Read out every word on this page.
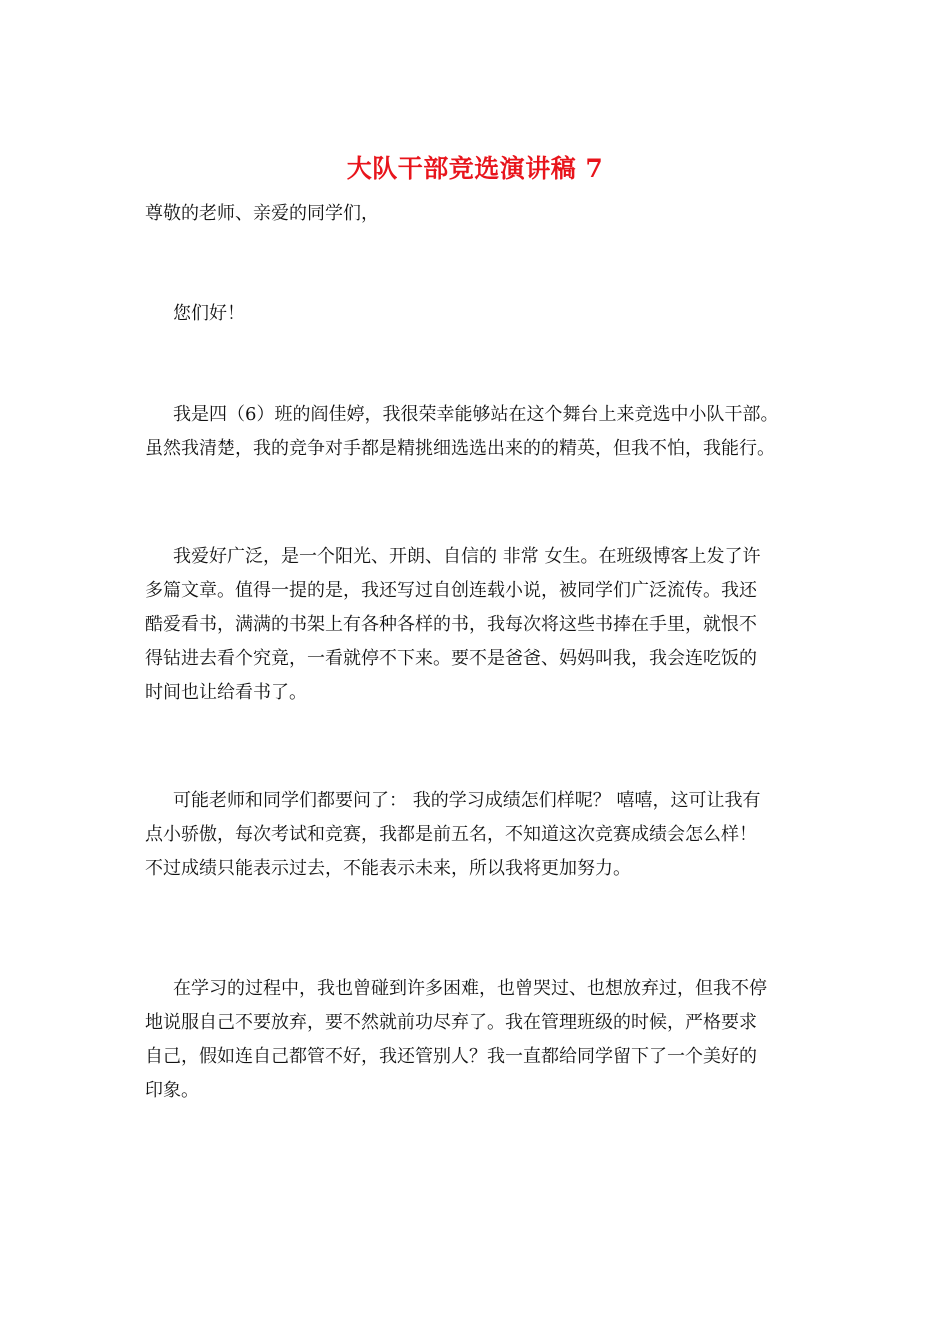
大队干部竞选演讲稿 7

尊敬的老师、亲爱的同学们，

您们好！

我是四（6）班的阎佳婷，我很荣幸能够站在这个舞台上来竞选中小队干部。
虽然我清楚，我的竞争对手都是精挑细选选出来的的精英，但我不怕，我能行。

我爱好广泛，是一个阳光、开朗、自信的 非常 女生。在班级博客上发了许
多篇文章。值得一提的是，我还写过自创连载小说，被同学们广泛流传。我还
酷爱看书，满满的书架上有各种各样的书，我每次将这些书捧在手里，就恨不
得钻进去看个究竟，一看就停不下来。要不是爸爸、妈妈叫我，我会连吃饭的
时间也让给看书了。

可能老师和同学们都要问了： 我的学习成绩怎们样呢？ 嘻嘻，这可让我有
点小骄傲，每次考试和竞赛，我都是前五名，不知道这次竞赛成绩会怎么样！
不过成绩只能表示过去，不能表示未来，所以我将更加努力。

在学习的过程中，我也曾碰到许多困难，也曾哭过、也想放弃过，但我不停
地说服自己不要放弃，要不然就前功尽弃了。我在管理班级的时候，严格要求
自己，假如连自己都管不好，我还管别人？我一直都给同学留下了一个美好的
印象。
